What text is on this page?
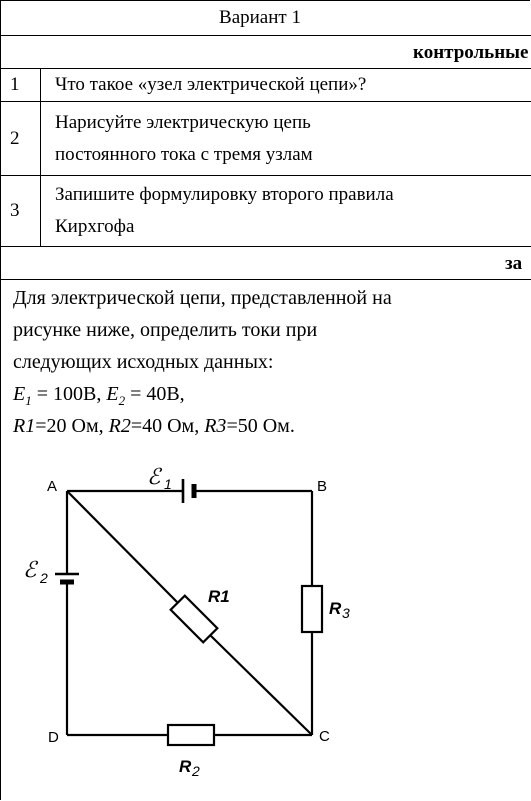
Вариант 1
контрольные
1	Что такое «узел электрической цепи»?
2
Нарисуйте электрическую цепь
постоянного тока с тремя узлам
3
Запишите формулировку второго правила
Кирхгофа
за
Для электрической цепи, представленной на
рисунке ниже, определить токи при
следующих исходных данных:
$E_1 = 100В$, $E_2 = 40В$,
R1=20 Ом, R2=40 Ом, R3=50 Ом.
A	B
C
D
ℰ 1
ℰ 2
R1
R 2
R 3
